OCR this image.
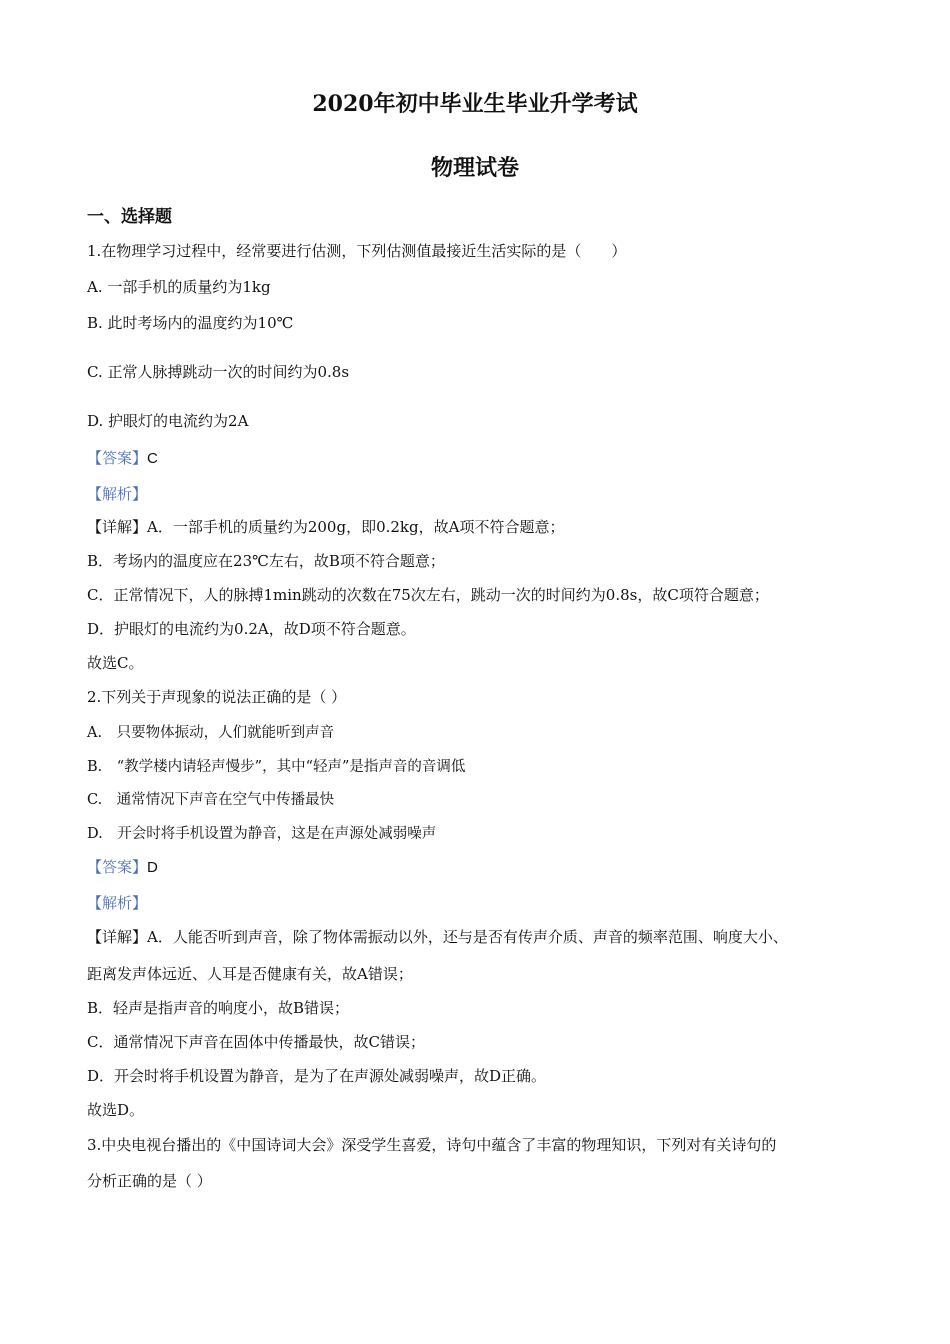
2020年初中毕业生毕业升学考试
物理试卷
一、选择题
1.在物理学习过程中，经常要进行估测，下列估测值最接近生活实际的是（　　）
A. 一部手机的质量约为1kg
B. 此时考场内的温度约为10℃
C. 正常人脉搏跳动一次的时间约为0.8s
D. 护眼灯的电流约为2A
【答案】C
【解析】
【详解】A．一部手机的质量约为200g，即0.2kg，故A项不符合题意；
B．考场内的温度应在23℃左右，故B项不符合题意；
C．正常情况下，人的脉搏1min跳动的次数在75次左右，跳动一次的时间约为0.8s，故C项符合题意；
D．护眼灯的电流约为0.2A，故D项不符合题意。
故选C。
2.下列关于声现象的说法正确的是（ ）
A.　只要物体振动，人们就能听到声音
B.　“教学楼内请轻声慢步”，其中“轻声”是指声音的音调低
C.　通常情况下声音在空气中传播最快
D.　开会时将手机设置为静音，这是在声源处减弱噪声
【答案】D
【解析】
【详解】A．人能否听到声音，除了物体需振动以外，还与是否有传声介质、声音的频率范围、响度大小、
距离发声体远近、人耳是否健康有关，故A错误；
B．轻声是指声音的响度小，故B错误；
C．通常情况下声音在固体中传播最快，故C错误；
D．开会时将手机设置为静音，是为了在声源处减弱噪声，故D正确。
故选D。
3.中央电视台播出的《中国诗词大会》深受学生喜爱，诗句中蕴含了丰富的物理知识，下列对有关诗句的
分析正确的是（ ）
